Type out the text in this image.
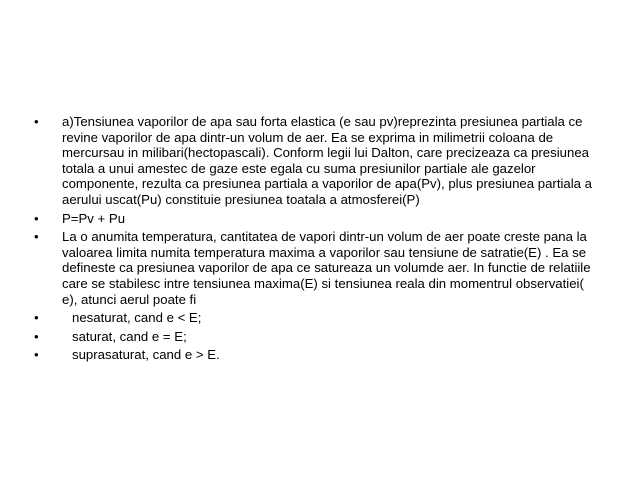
•	a)Tensiunea vaporilor de apa sau forta elastica (e sau pv)reprezinta presiunea partiala ce revine vaporilor de apa dintr-un volum de aer. Ea se exprima in milimetrii coloana de mercursau in milibari(hectopascali). Conform legii lui Dalton, care precizeaza ca presiunea totala a unui amestec de gaze este egala cu suma presiunilor partiale ale gazelor componente, rezulta ca presiunea partiala a vaporilor de apa(Pv), plus presiunea partiala a aerului uscat(Pu) constituie presiunea toatala a atmosferei(P)
•	P=Pv + Pu
•	La o anumita temperatura, cantitatea de vapori dintr-un volum de aer poate creste pana la valoarea limita numita temperatura maxima a vaporilor sau tensiune de satratie(E) . Ea se defineste ca presiunea vaporilor de apa ce satureaza un volumde aer. In functie de relatiile care se stabilesc intre tensiunea maxima(E) si tensiunea reala din momentrul observatiei(     e), atunci aerul poate fi
•	nesaturat, cand e < E;
•	saturat, cand e = E;
•	suprasaturat, cand e > E.
